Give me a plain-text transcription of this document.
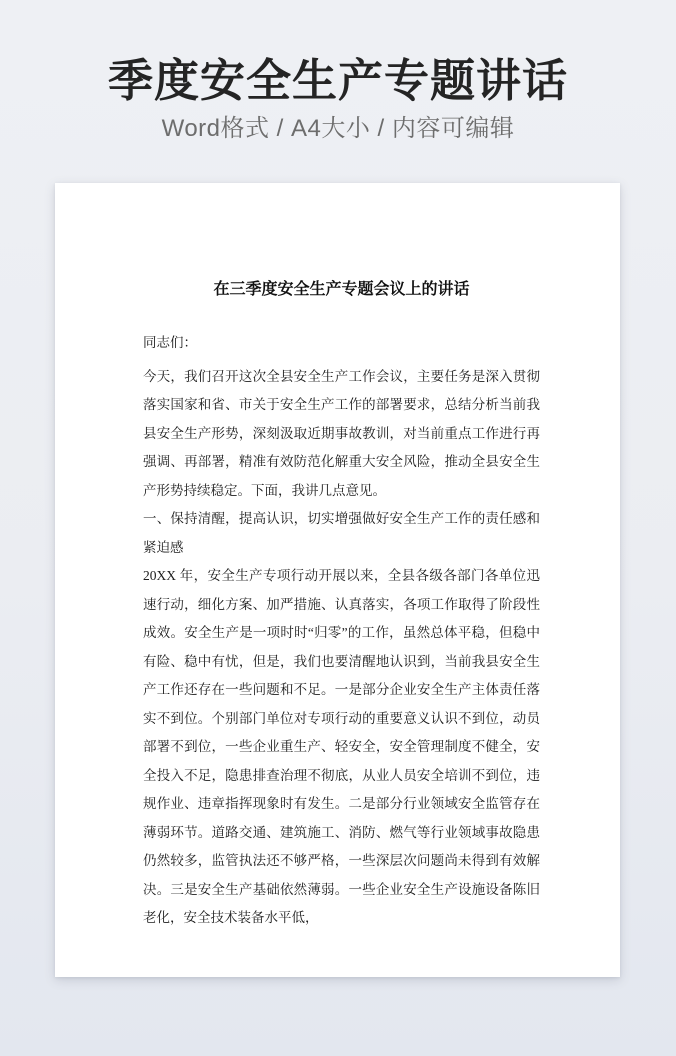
季度安全生产专题讲话
Word格式 / A4大小 / 内容可编辑
在三季度安全生产专题会议上的讲话

同志们：

今天，我们召开这次全县安全生产工作会议，主要任务是深入贯彻落实国家和省、市关于安全生产工作的部署要求，总结分析当前我县安全生产形势，深刻汲取近期事故教训，对当前重点工作进行再强调、再部署，精准有效防范化解重大安全风险，推动全县安全生产形势持续稳定。下面，我讲几点意见。

一、保持清醒，提高认识，切实增强做好安全生产工作的责任感和紧迫感

20XX 年，安全生产专项行动开展以来，全县各级各部门各单位迅速行动，细化方案、加严措施、认真落实，各项工作取得了阶段性成效。安全生产是一项时时“归零”的工作，虽然总体平稳，但稳中有险、稳中有忧，但是，我们也要清醒地认识到，当前我县安全生产工作还存在一些问题和不足。一是部分企业安全生产主体责任落实不到位。个别部门单位对专项行动的重要意义认识不到位，动员部署不到位，一些企业重生产、轻安全，安全管理制度不健全，安全投入不足，隐患排查治理不彻底，从业人员安全培训不到位，违规作业、违章指挥现象时有发生。二是部分行业领域安全监管存在薄弱环节。道路交通、建筑施工、消防、燃气等行业领域事故隐患仍然较多，监管执法还不够严格，一些深层次问题尚未得到有效解决。三是安全生产基础依然薄弱。一些企业安全生产设施设备陈旧老化，安全技术装备水平低，
